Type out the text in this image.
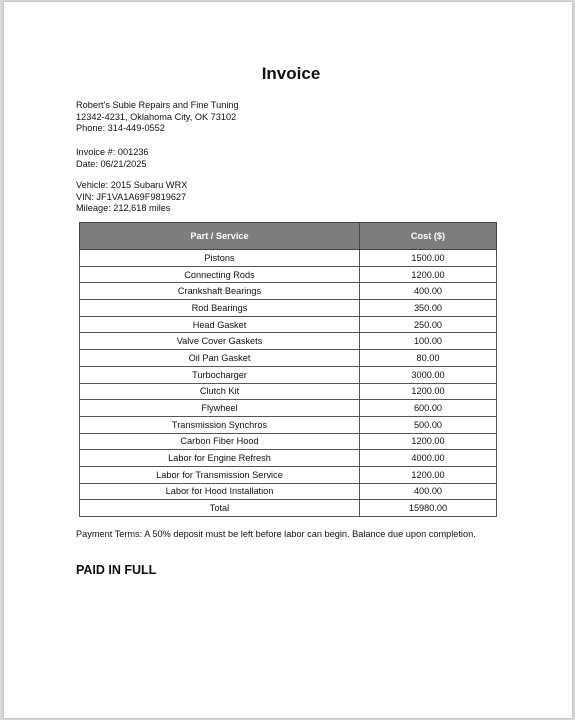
Invoice
Robert's Subie Repairs and Fine Tuning
12342-4231, Oklahoma City, OK 73102
Phone: 314-449-0552
Invoice #: 001236
Date: 06/21/2025
Vehicle: 2015 Subaru WRX
VIN: JF1VA1A69F9819627
Mileage: 212,618 miles
Part / Service	Cost ($)
Pistons	1500.00
Connecting Rods	1200.00
Crankshaft Bearings	400.00
Rod Bearings	350.00
Head Gasket	250.00
Valve Cover Gaskets	100.00
Oil Pan Gasket	80.00
Turbocharger	3000.00
Clutch Kit	1200.00
Flywheel	600.00
Transmission Synchros	500.00
Carbon Fiber Hood	1200.00
Labor for Engine Refresh	4000.00
Labor for Transmission Service	1200.00
Labor for Hood Installation	400.00
Total	15980.00
Payment Terms: A 50% deposit must be left before labor can begin. Balance due upon completion.
PAID IN FULL
